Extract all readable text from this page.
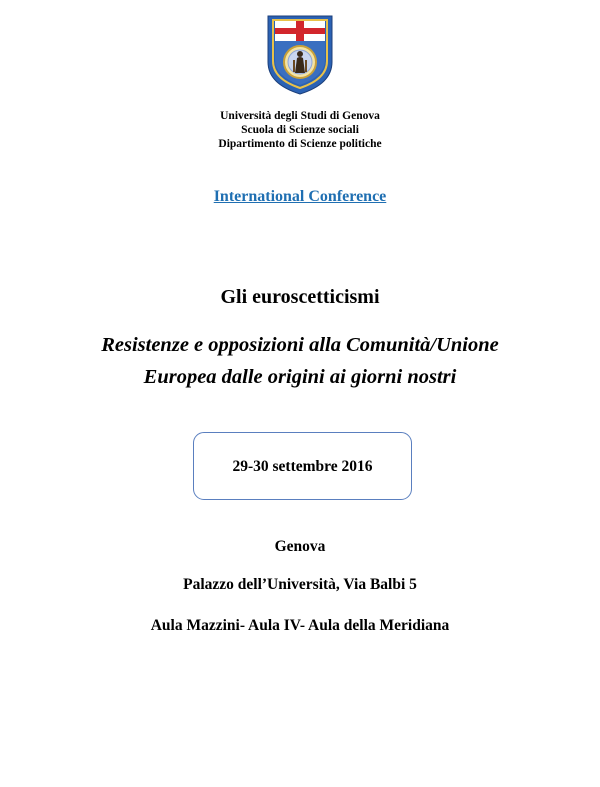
Università degli Studi di Genova
Scuola di Scienze sociali
Dipartimento di Scienze politiche
International Conference
Gli euroscetticismi
Resistenze e opposizioni alla Comunità/Unione
Europea dalle origini ai giorni nostri
29-30 settembre 2016
Genova
Palazzo dell’Università, Via Balbi 5
Aula Mazzini- Aula IV- Aula della Meridiana
